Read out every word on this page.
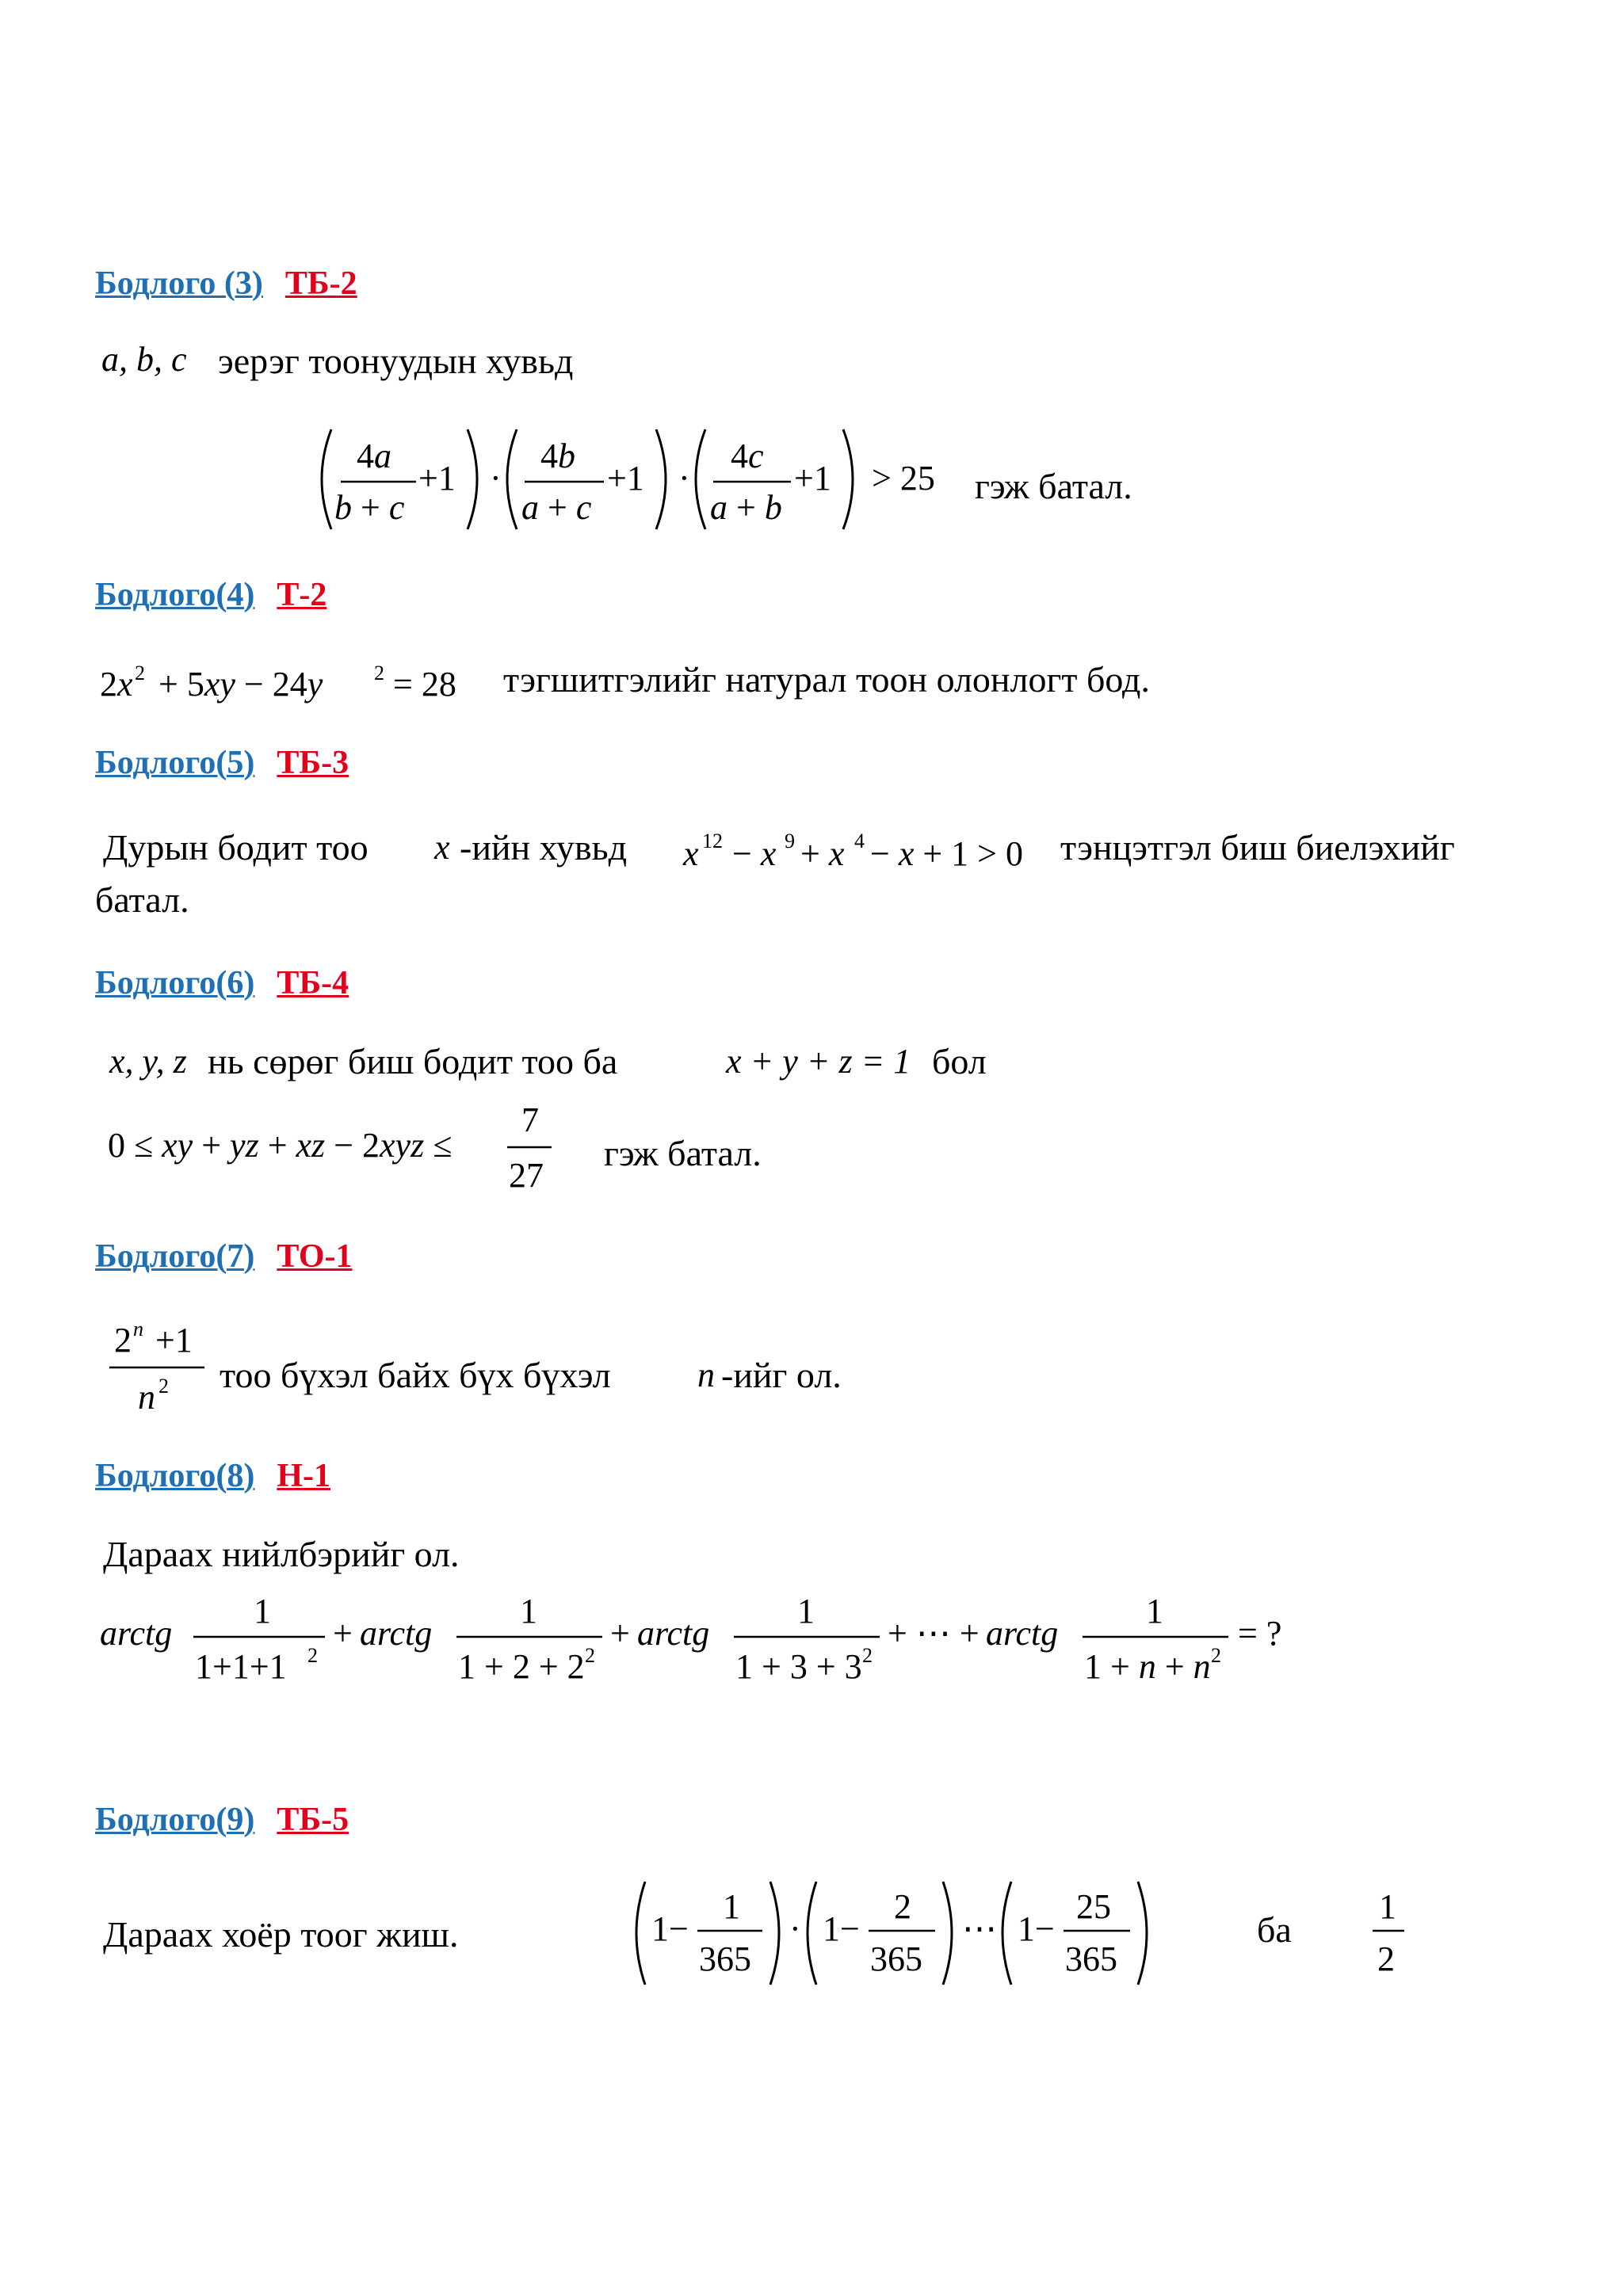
Бодлого (3) ТБ-2
a, b, c эерэг тоонуудын хувьд
4a
b + c
+1 ·
4b
a + c
+1 ·
4c
a + b
+1 > 25 гэж батал.
Бодлого(4) Т-2
2x 2 + 5xy − 24y 2 = 28 тэгшитгэлийг натурал тоон олонлогт бод.
Бодлого(5) ТБ-3
Дурын бодит тоо x -ийн хувьд x 12 − x 9 + x 4 − x + 1 > 0 тэнцэтгэл биш биелэхийг
батал.
Бодлого(6) ТБ-4
x, y, z нь сөрөг биш бодит тоо ба	x + y + z = 1 бол
0 ≤ xy + yz + xz − 2xyz ≤
7
27
гэж батал.
Бодлого(7) ТО-1
2 n +1
n 2 тоо бүхэл байх бүх бүхэл n -ийг ол.
Бодлого(8) Н-1
Дараах нийлбэрийг ол.
arctg
1
1+1+1 2
+ arctg
1
1 + 2 + 2 2
+ arctg
1
1 + 3 + 3 2
+ ⋯ + arctg
1
1 + n + n 2
= ?
Бодлого(9) ТБ-5
Дараах хоёр тоог жиш.	1−
1
365
· 1−
2
365
⋯ 1−
25
365
ба
1
2
